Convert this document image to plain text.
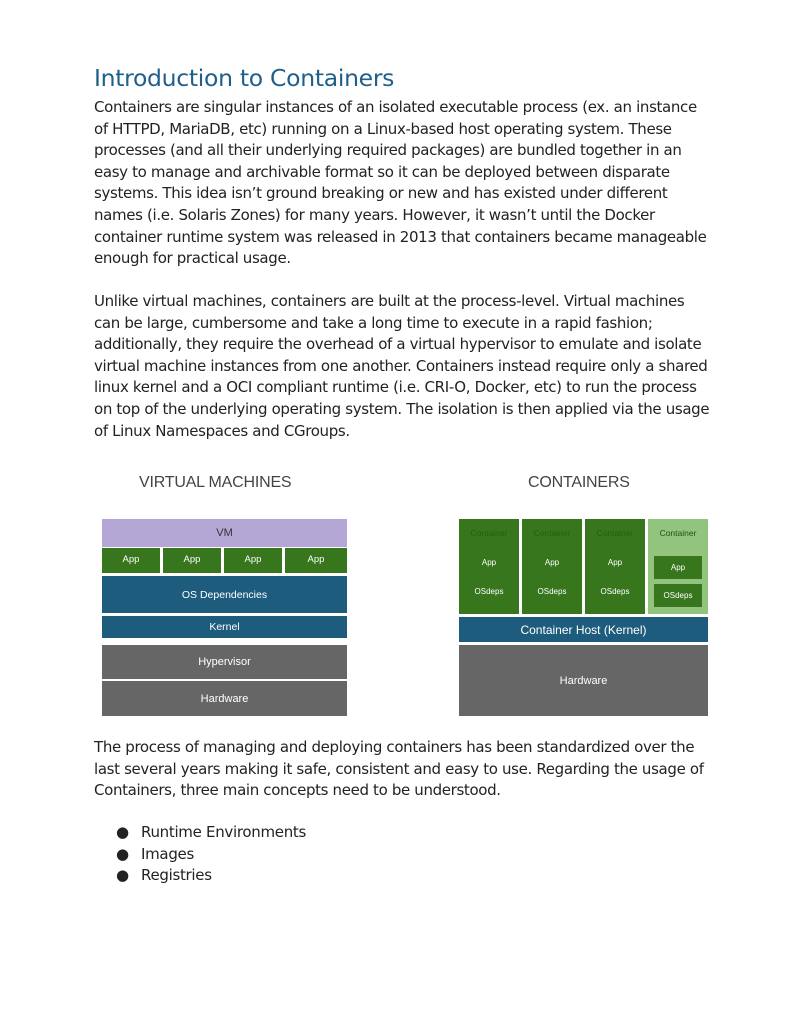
Introduction to Containers

Containers are singular instances of an isolated executable process (ex. an instance of HTTPD, MariaDB, etc) running on a Linux-based host operating system. These processes (and all their underlying required packages) are bundled together in an easy to manage and archivable format so it can be deployed between disparate systems. This idea isn’t ground breaking or new and has existed under different names (i.e. Solaris Zones) for many years. However, it wasn’t until the Docker container runtime system was released in 2013 that containers became manageable enough for practical usage.

Unlike virtual machines, containers are built at the process-level. Virtual machines can be large, cumbersome and take a long time to execute in a rapid fashion; additionally, they require the overhead of a virtual hypervisor to emulate and isolate virtual machine instances from one another. Containers instead require only a shared linux kernel and a OCI compliant runtime (i.e. CRI-O, Docker, etc) to run the process on top of the underlying operating system. The isolation is then applied via the usage of Linux Namespaces and CGroups.

VIRTUAL MACHINES
VM
App	App	App	App
OS Dependencies
Kernel
Hypervisor
Hardware
CONTAINERS
Container
App
OSdeps
Container
App
OSdeps
Container
App
OSdeps
Container
App
OSdeps
Container Host (Kernel)
Hardware

The process of managing and deploying containers has been standardized over the last several years making it safe, consistent and easy to use. Regarding the usage of Containers, three main concepts need to be understood.

● Runtime Environments
● Images
● Registries
